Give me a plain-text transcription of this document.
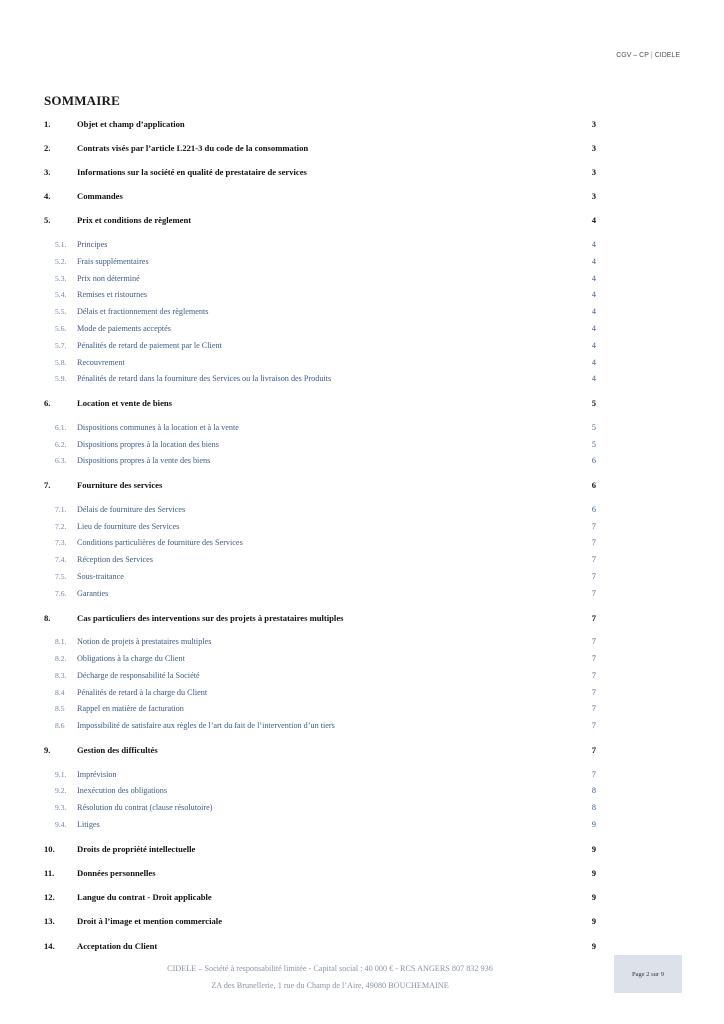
CGV – CP | CIDELE
SOMMAIRE
1.	Objet et champ d’application	3
2.	Contrats visés par l’article L221-3 du code de la consommation	3
3.	Informations sur la société en qualité de prestataire de services	3
4.	Commandes	3
5.	Prix et conditions de règlement	4
5.1.	Principes	4
5.2.	Frais supplémentaires	4
5.3.	Prix non déterminé	4
5.4.	Remises et ristournes	4
5.5.	Délais et fractionnement des règlements	4
5.6.	Mode de paiements acceptés	4
5.7.	Pénalités de retard de paiement par le Client	4
5.8.	Recouvrement	4
5.9.	Pénalités de retard dans la fourniture des Services ou la livraison des Produits	4
6.	Location et vente de biens	5
6.1.	Dispositions communes à la location et à la vente	5
6.2.	Dispositions propres à la location des biens	5
6.3.	Dispositions propres à la vente des biens	6
7.	Fourniture des services	6
7.1.	Délais de fourniture des Services	6
7.2.	Lieu de fourniture des Services	7
7.3.	Conditions particulières de fourniture des Services	7
7.4.	Réception des Services	7
7.5.	Sous-traitance	7
7.6.	Garanties	7
8.	Cas particuliers des interventions sur des projets à prestataires multiples	7
8.1.	Notion de projets à prestataires multiples	7
8.2.	Obligations à la charge du Client	7
8.3.	Décharge de responsabilité la Société	7
8.4	Pénalités de retard à la charge du Client	7
8.5	Rappel en matière de facturation	7
8.6	Impossibilité de satisfaire aux règles de l’art du fait de l’intervention d’un tiers	7
9.	Gestion des difficultés	7
9.1.	Imprévision	7
9.2.	Inexécution des obligations	8
9.3.	Résolution du contrat (clause résolutoire)	8
9.4.	Litiges	9
10.	Droits de propriété intellectuelle	9
11.	Données personnelles	9
12.	Langue du contrat - Droit applicable	9
13.	Droit à l’image et mention commerciale	9
14.	Acceptation du Client	9
CIDELE – Société à responsabilité limitée - Capital social : 40 000 € - RCS ANGERS 807 832 936
ZA des Brunellerie, 1 rue du Champ de l’Aire, 49080 BOUCHEMAINE
Page 2 sur 9
